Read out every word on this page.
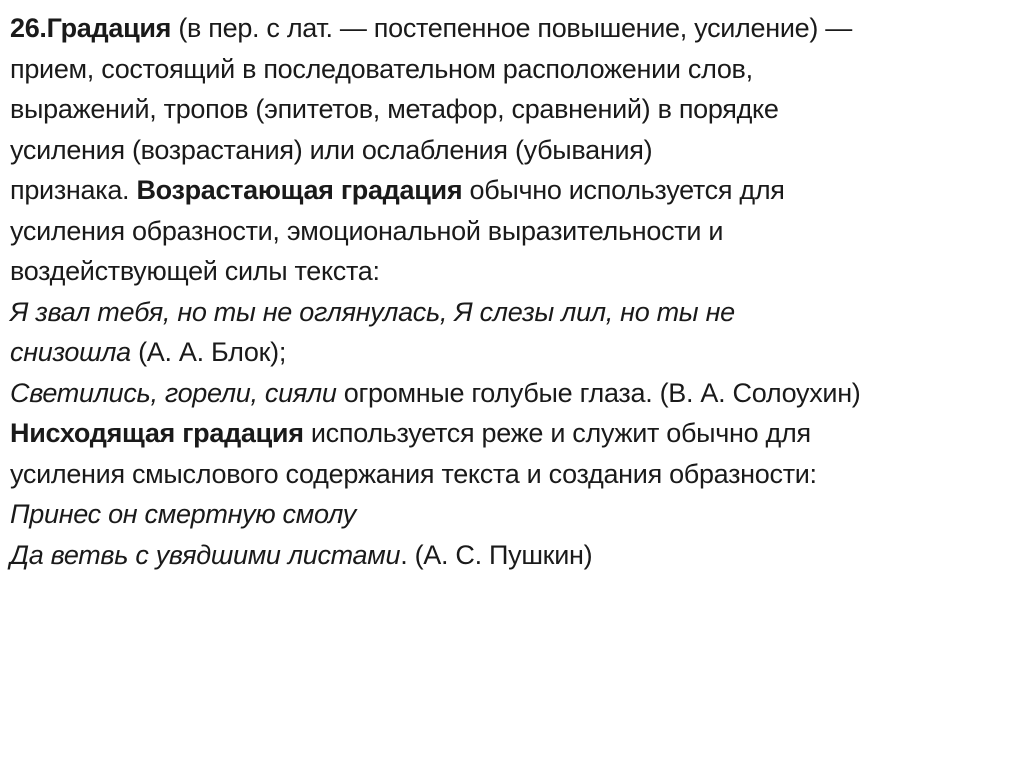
26.Градация (в пер. с лат. — постепенное повышение, усиление) —
прием, состоящий в последовательном расположении слов,
выражений, тропов (эпитетов, метафор, сравнений) в порядке
усиления (возрастания) или ослабления (убывания)
признака. Возрастающая градация обычно используется для
усиления образности, эмоциональной выразительности и
воздействующей силы текста:
Я звал тебя, но ты не оглянулась, Я слезы лил, но ты не
снизошла (А. А. Блок);
Светились, горели, сияли огромные голубые глаза. (В. А. Солоухин)
Нисходящая градация используется реже и служит обычно для
усиления смыслового содержания текста и создания образности:
Принес он смертную смолу
Да ветвь с увядшими листами. (А. С. Пушкин)
